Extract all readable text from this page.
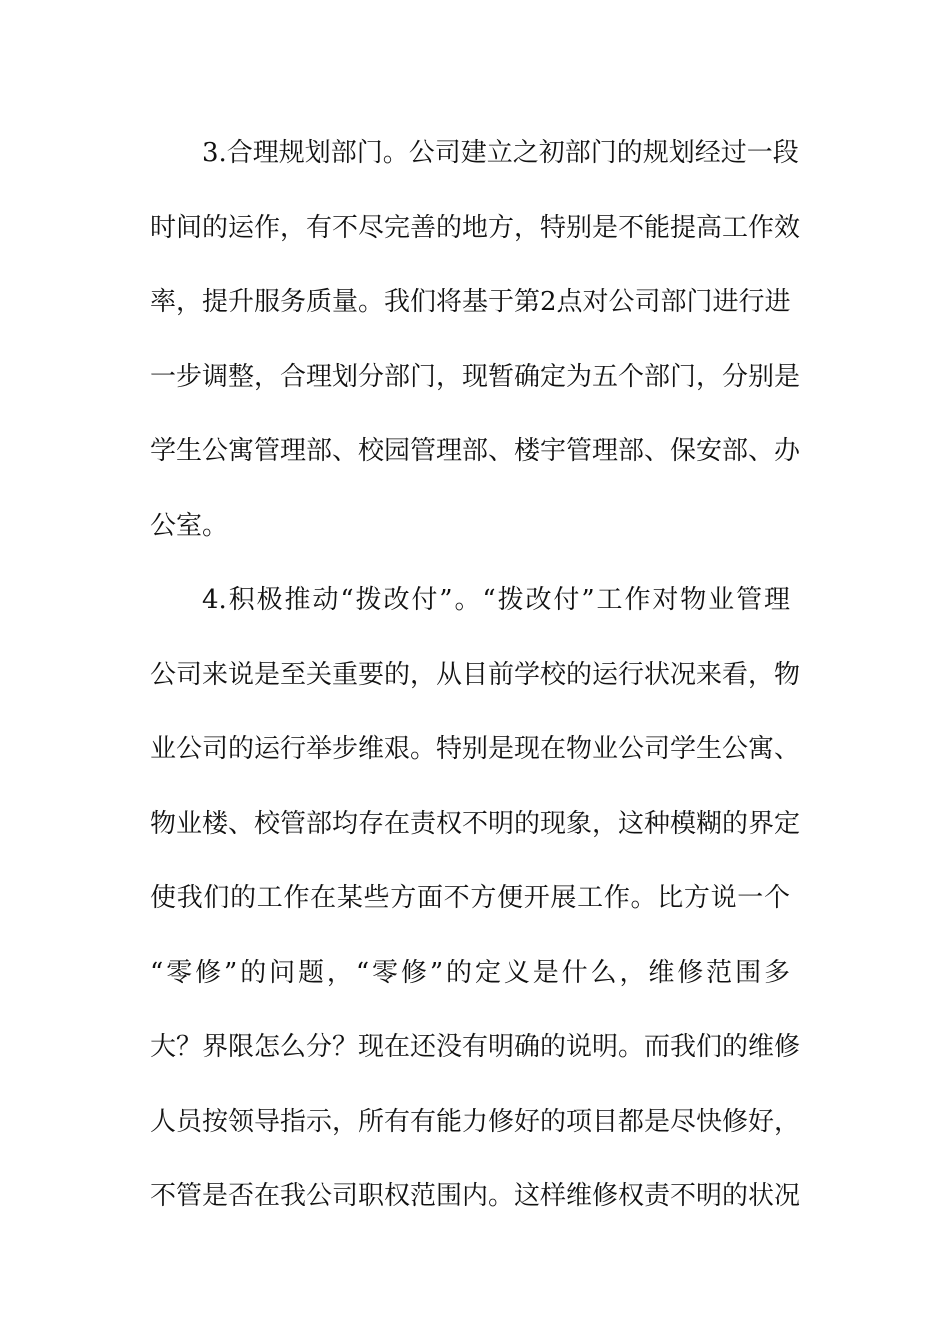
3.合理规划部门。公司建立之初部门的规划经过一段
时间的运作，有不尽完善的地方，特别是不能提高工作效
率，提升服务质量。我们将基于第2点对公司部门进行进
一步调整，合理划分部门，现暂确定为五个部门，分别是
学生公寓管理部、校园管理部、楼宇管理部、保安部、办
公室。

4.积极推动“拨改付”。“拨改付”工作对物业管理
公司来说是至关重要的，从目前学校的运行状况来看，物
业公司的运行举步维艰。特别是现在物业公司学生公寓、
物业楼、校管部均存在责权不明的现象，这种模糊的界定
使我们的工作在某些方面不方便开展工作。比方说一个
“零修”的问题，“零修”的定义是什么，维修范围多
大？界限怎么分？现在还没有明确的说明。而我们的维修
人员按领导指示，所有有能力修好的项目都是尽快修好，
不管是否在我公司职权范围内。这样维修权责不明的状况
